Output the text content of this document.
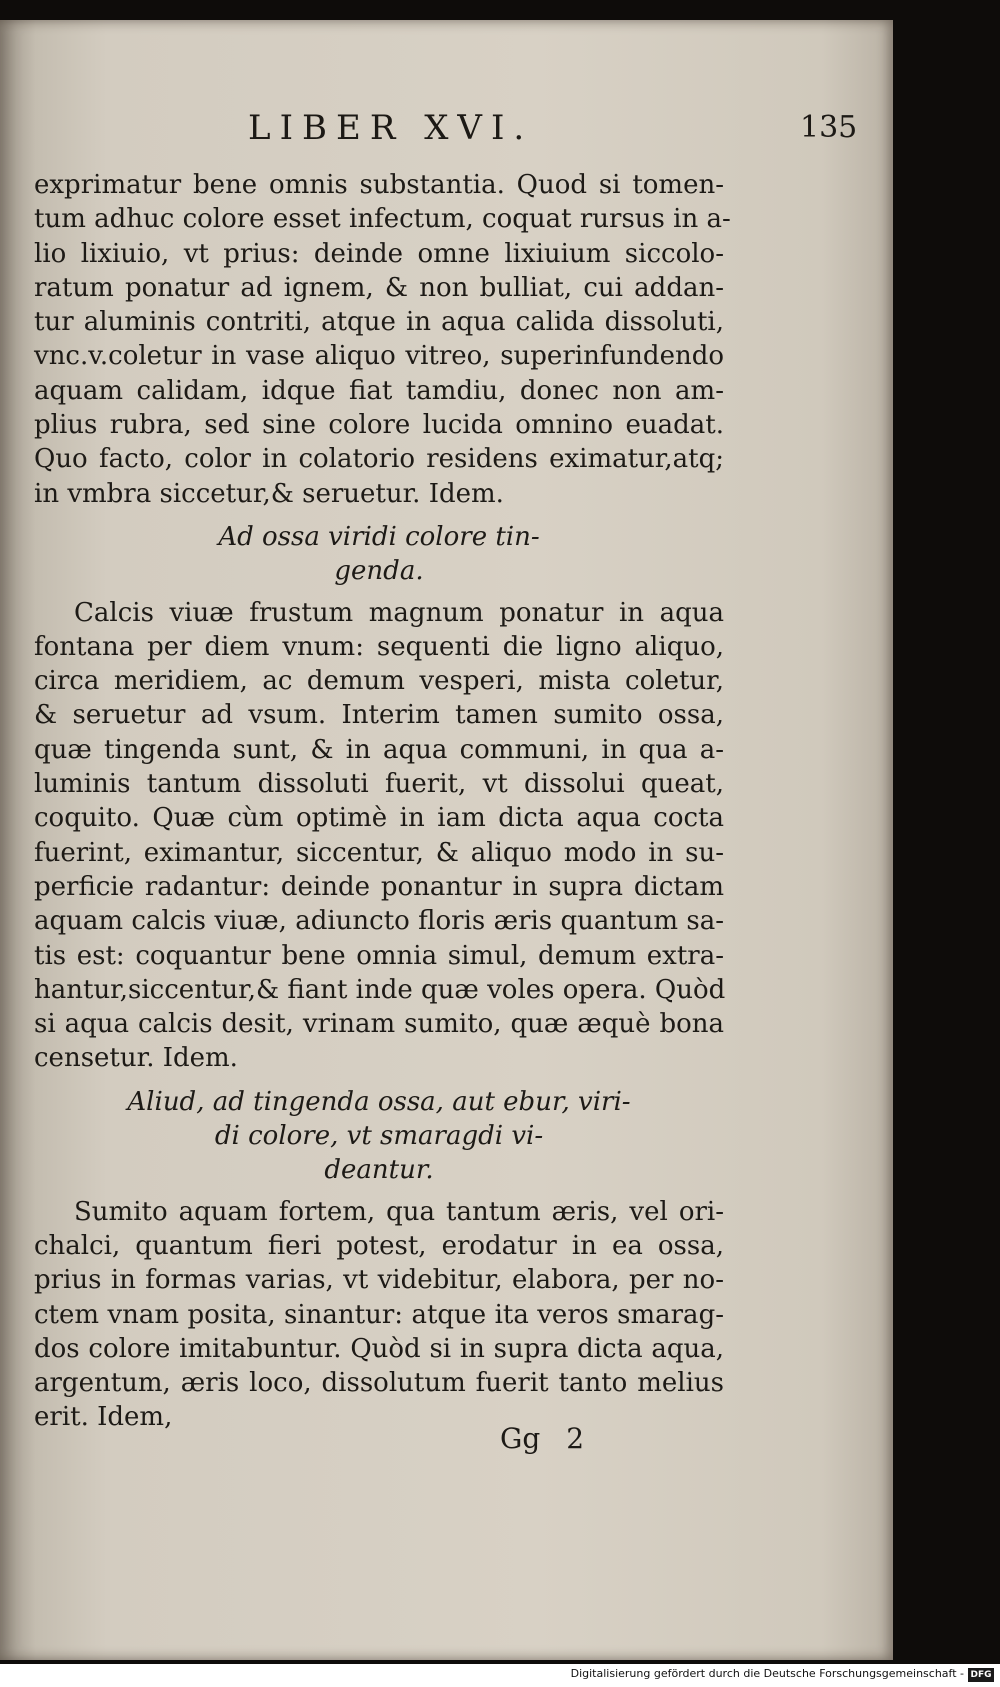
LIBER XVI.	135
exprimatur bene omnis substantia. Quod si tomen-
tum adhuc colore esset infectum, coquat rursus in a-
lio lixiuio, vt prius: deinde omne lixiuium siccolo-
ratum ponatur ad ignem, & non bulliat, cui addan-
tur aluminis contriti, atque in aqua calida dissoluti,
vnc.v.coletur in vase aliquo vitreo, superinfundendo
aquam calidam, idque fiat tamdiu, donec non am-
plius rubra, sed sine colore lucida omnino euadat.
Quo facto, color in colatorio residens eximatur,atq;
in vmbra siccetur,& seruetur. Idem.
Ad ossa viridi colore tin-
genda.
Calcis viuæ frustum magnum ponatur in aqua
fontana per diem vnum: sequenti die ligno aliquo,
circa meridiem, ac demum vesperi, mista coletur,
& seruetur ad vsum. Interim tamen sumito ossa,
quæ tingenda sunt, & in aqua communi, in qua a-
luminis tantum dissoluti fuerit, vt dissolui queat,
coquito. Quæ cùm optimè in iam dicta aqua cocta
fuerint, eximantur, siccentur, & aliquo modo in su-
perficie radantur: deinde ponantur in supra dictam
aquam calcis viuæ, adiuncto floris æris quantum sa-
tis est: coquantur bene omnia simul, demum extra-
hantur,siccentur,& fiant inde quæ voles opera. Quòd
si aqua calcis desit, vrinam sumito, quæ æquè bona
censetur. Idem.
Aliud, ad tingenda ossa, aut ebur, viri-
di colore, vt smaragdi vi-
deantur.
Sumito aquam fortem, qua tantum æris, vel ori-
chalci, quantum fieri potest, erodatur in ea ossa,
prius in formas varias, vt videbitur, elabora, per no-
ctem vnam posita, sinantur: atque ita veros smarag-
dos colore imitabuntur. Quòd si in supra dicta aqua,
argentum, æris loco, dissolutum fuerit tanto melius
erit. Idem,
Gg 2
Digitalisierung gefördert durch die Deutsche Forschungsgemeinschaft - DFG
